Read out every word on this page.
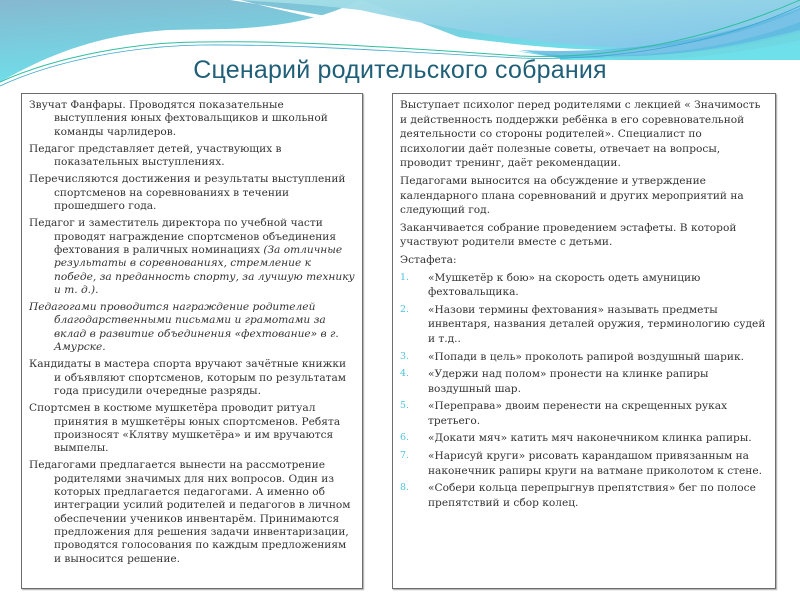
Сценарий родительского собрания

Звучат Фанфары. Проводятся показательные выступления юных фехтовальщиков и школьной команды чарлидеров.

Педагог представляет детей, участвующих в показательных выступлениях.

Перечисляются достижения и результаты выступлений спортсменов на соревнованиях в течении прошедшего года.

Педагог и заместитель директора по учебной части проводят награждение спортсменов объединения фехтования в раличных номинациях (За отличные результаты в соревнованиях, стремление к победе, за преданность спорту, за лучшую технику и т. д.).

Педагогами проводится награждение родителей благодарственными письмами и грамотами за вклад в развитие объединения «фехтование» в г. Амурске.

Кандидаты в мастера спорта вручают зачётные книжки и объявляют спортсменов, которым по результатам года присудили очередные разряды.

Спортсмен в костюме мушкетёра проводит ритуал принятия в мушкетёры юных спортсменов. Ребята произносят «Клятву мушкетёра» и им вручаются вымпелы.

Педагогами предлагается вынести на рассмотрение родителями значимых для них вопросов. Один из которых предлагается педагогами. А именно об интеграции усилий родителей и педагогов в личном обеспечении учеников инвентарём. Принимаются предложения для решения задачи инвентаризации, проводятся голосования по каждым предложениям и выносится решение.

Выступает психолог перед родителями с лекцией « Значимость и действенность поддержки ребёнка в его соревновательной деятельности со стороны родителей». Специалист по психологии даёт полезные советы, отвечает на вопросы, проводит тренинг, даёт рекомендации.

Педагогами выносится на обсуждение и утверждение календарного плана соревнований и других мероприятий на следующий год.

Заканчивается собрание проведением эстафеты. В которой участвуют родители вместе с детьми.

Эстафета:

1. «Мушкетёр к бою» на скорость одеть амуницию фехтовальщика.
2. «Назови термины фехтования» называть предметы инвентаря, названия деталей оружия, терминологию судей и т.д..
3. «Попади в цель» проколоть рапирой воздушный шарик.
4. «Удержи над полом» пронести на клинке рапиры воздушный шар.
5. «Переправа» двоим перенести на скрещенных руках третьего.
6. «Докати мяч» катить мяч наконечником клинка рапиры.
7. «Нарисуй круги» рисовать карандашом привязанным на наконечник рапиры круги на ватмане приколотом к стене.
8. «Собери кольца перепрыгнув препятствия» бег по полосе препятствий и сбор колец.
